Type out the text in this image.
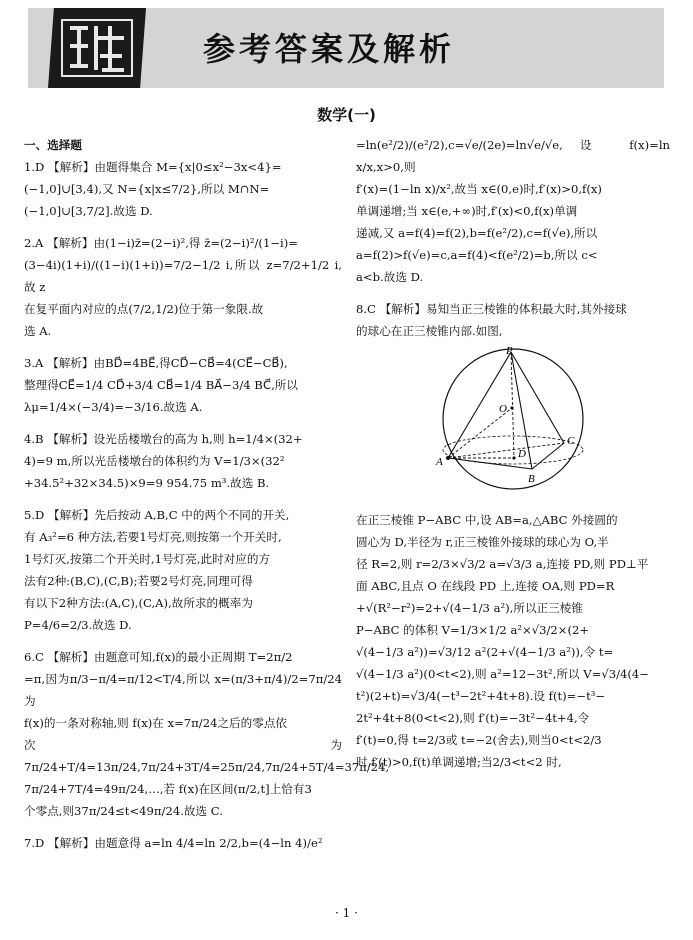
参考答案及解析
数学(一)

一、选择题

1.D 【解析】由题得集合 M={x|0≤x²−3x<4}=

(−1,0]∪[3,4),又 N={x|x≤7/2},所以 M∩N=

(−1,0]∪[3,7/2].故选 D.

2.A 【解析】由(1−i)z̄=(2−i)²,得 z̄=(2−i)²/(1−i)=

(3−4i)(1+i)/((1−i)(1+i))=7/2−1/2 i,所以 z=7/2+1/2 i,故 z

在复平面内对应的点(7/2,1/2)位于第一象限.故

选 A.

3.A 【解析】由BD⃗=4BE⃗,得CD⃗−CB⃗=4(CE⃗−CB⃗),

整理得CE⃗=1/4 CD⃗+3/4 CB⃗=1/4 BA⃗−3/4 BC⃗,所以

λμ=1/4×(−3/4)=−3/16.故选 A.

4.B 【解析】设光岳楼墩台的高为 h,则 h=1/4×(32+

4)=9 m,所以光岳楼墩台的体积约为 V=1/3×(32²

+34.5²+32×34.5)×9=9 954.75 m³.故选 B.

5.D 【解析】先后按动 A,B,C 中的两个不同的开关,

有 A₃²=6 种方法,若要1号灯亮,则按第一个开关时,

1号灯灭,按第二个开关时,1号灯亮,此时对应的方

法有2种:(B,C),(C,B);若要2号灯亮,同理可得

有以下2种方法:(A,C),(C,A),故所求的概率为

P=4/6=2/3.故选 D.

6.C 【解析】由题意可知,f(x)的最小正周期 T=2π/2

=π,因为π/3−π/4=π/12<T/4,所以 x=(π/3+π/4)/2=7π/24为

f(x)的一条对称轴,则 f(x)在 x=7π/24之后的零点依

次为7π/24+T/4=13π/24,7π/24+3T/4=25π/24,7π/24+5T/4=37π/24,

7π/24+7T/4=49π/24,…,若 f(x)在区间(π/2,t]上恰有3

个零点,则37π/24≤t<49π/24.故选 C.

7.D 【解析】由题意得 a=ln 4/4=ln 2/2,b=(4−ln 4)/e²

=ln(e²/2)/(e²/2),c=√e/(2e)=ln√e/√e,设 f(x)=ln x/x,x>0,则

f′(x)=(1−ln x)/x²,故当 x∈(0,e)时,f′(x)>0,f(x)

单调递增;当 x∈(e,+∞)时,f′(x)<0,f(x)单调

递减,又 a=f(4)=f(2),b=f(e²/2),c=f(√e),所以

a=f(2)>f(√e)=c,a=f(4)<f(e²/2)=b,所以 c<

a<b.故选 D.

8.C 【解析】易知当正三棱锥的体积最大时,其外接球

的球心在正三棱锥内部.如图,

P
O
C
A
D
B

在正三棱锥 P−ABC 中,设 AB=a,△ABC 外接圆的

圆心为 D,半径为 r,正三棱锥外接球的球心为 O,半

径 R=2,则 r=2/3×√3/2 a=√3/3 a,连接 PD,则 PD⊥平

面 ABC,且点 O 在线段 PD 上,连接 OA,则 PD=R

+√(R²−r²)=2+√(4−1/3 a²),所以正三棱锥

P−ABC 的体积 V=1/3×1/2 a²×√3/2×(2+

√(4−1/3 a²))=√3/12 a²(2+√(4−1/3 a²)),令 t=

√(4−1/3 a²)(0<t<2),则 a²=12−3t²,所以 V=√3/4(4−

t²)(2+t)=√3/4(−t³−2t²+4t+8).设 f(t)=−t³−

2t²+4t+8(0<t<2),则 f′(t)=−3t²−4t+4,令

f′(t)=0,得 t=2/3或 t=−2(舍去),则当0<t<2/3

时,f′(t)>0,f(t)单调递增;当2/3<t<2 时,

· 1 ·
